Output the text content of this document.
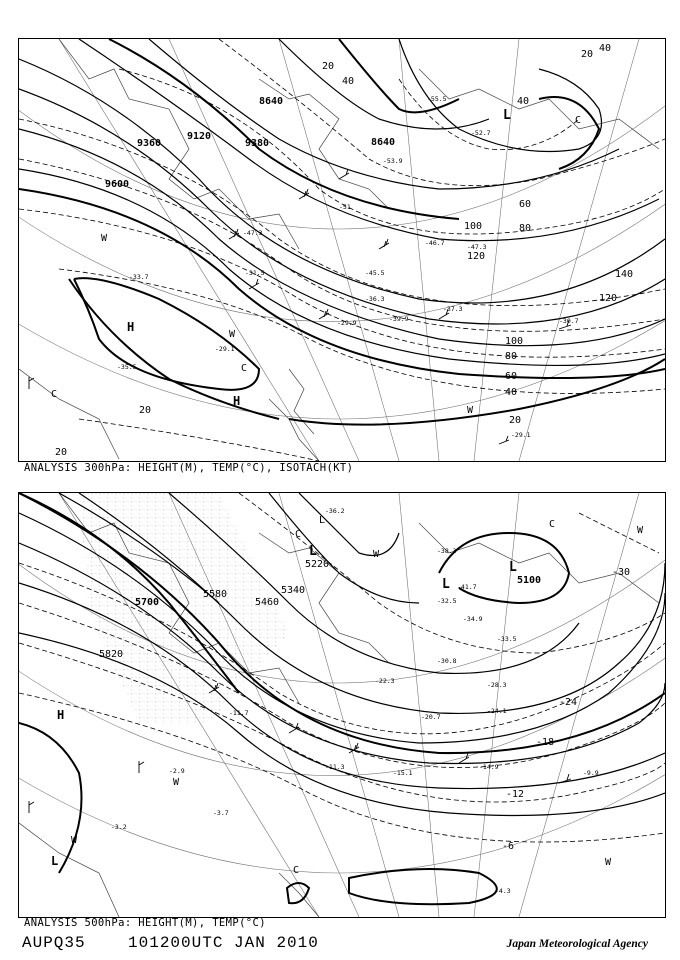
8640
9120
9360	9380
9600
8640
20
40
60
80
100
120
140
120
100
80
60
40
20
20
40
20
40
20
L
H
H
C
W
C
W
W
C
-55.5
-52.7
-53.9
-51
-47.3
-45.5
-46.7	-47.3
-39.9
-37.3
-36.3
-30.7
-29.9
-29.1
-33.7
-29.1
-31.5
-35.5
ANALYSIS 300hPa: HEIGHT(M), TEMP(°C), ISOTACH(KT)
5700
5820
5580
5460
5340
5220
5100
-30
-24
-18
-12
-6
L
L
L
L
H
W
W
W
W
C
C
C
W
L
-38.3
-36.2
-41.7
-32.5
-34.9
-33.5
-30.8
-28.3
-24.1
-20.7
-22.3
-15.1
-11.3	-14.9
-9.9
-3.7
-3.2
-4.3
-2.9
-11.7
ANALYSIS 500hPa: HEIGHT(M), TEMP(°C)
AUPQ35	101200UTC JAN 2010	Japan Meteorological Agency
